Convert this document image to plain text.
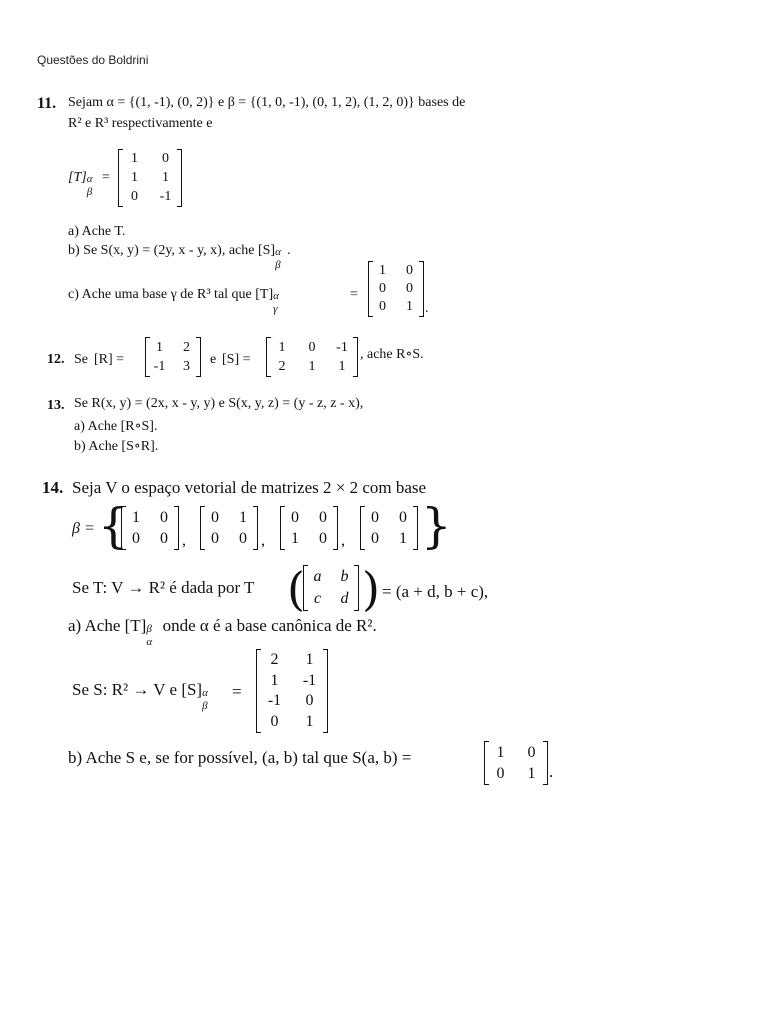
Questões do Boldrini
11. Sejam α = {(1, -1), (0, 2)} e β = {(1, 0, -1), (0, 1, 2), (1, 2, 0)} bases de
R² e R³ respectivamente e
[T] α
β
=
1	0
1	1
0	-1
a) Ache T.
b) Se S(x, y) = (2y, x - y, x), ache [S] α
β
.
c) Ache uma base γ de R³ tal que [T] α
γ
=
1	0
0	0
0	1 .
12. Se [R] =
1	2
-1	3	e [S] =
1	0	-1
2	1	1
, ache R∘S.
13. Se R(x, y) = (2x, x - y, y) e S(x, y, z) = (y - z, z - x),
a) Ache [R∘S].
b) Ache [S∘R].
14. Seja V o espaço vetorial de matrizes 2 × 2 com base
β = { 1	0
0	0 ,
0	1
0	0 ,
0	0
1	0 ,
0	0
0	1 }
Se T: V → R² é dada por T ( a	b
c	d ) = (a + d, b + c),
a) Ache [T] β
α
onde α é a base canônica de R².
Se S: R² → V e [S] α
β
=
2	1
1	-1
-1	0
0	1
b) Ache S e, se for possível, (a, b) tal que S(a, b) =	1	0
0	1 .
